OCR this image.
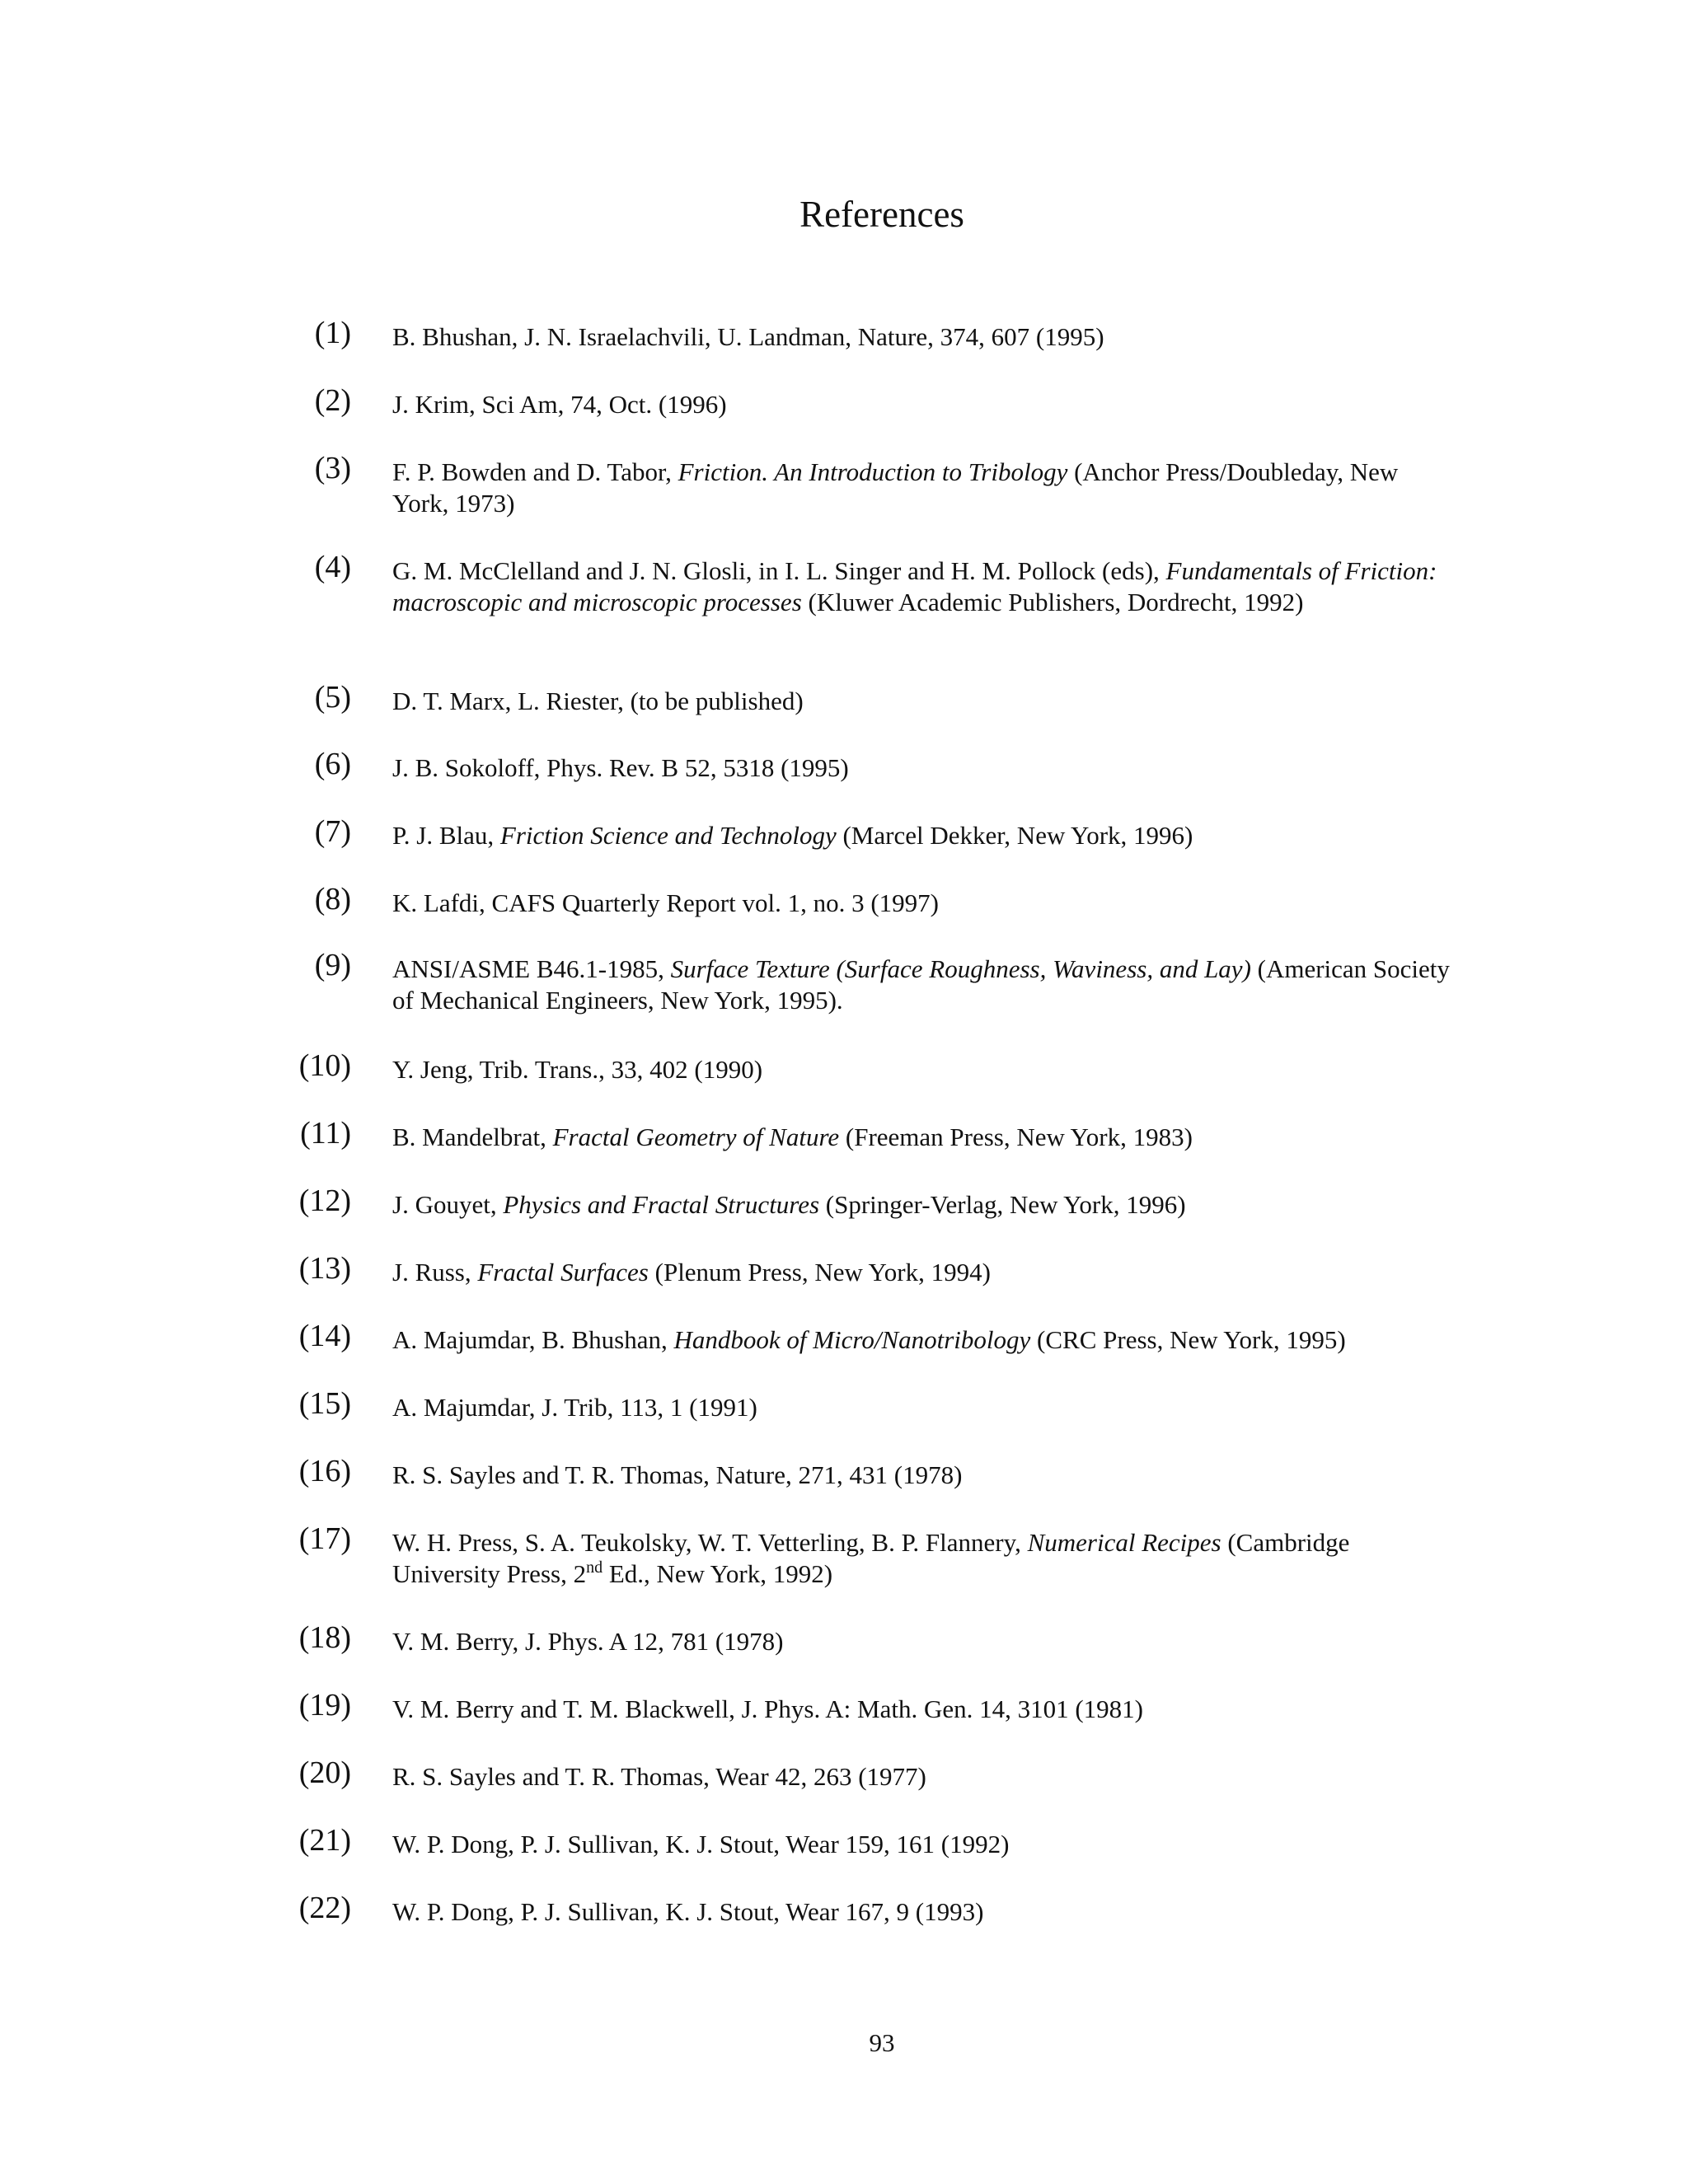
References
(1) B. Bhushan, J. N. Israelachvili, U. Landman, Nature, 374, 607 (1995)
(2) J. Krim, Sci Am, 74, Oct. (1996)
(3) F. P. Bowden and D. Tabor, Friction. An Introduction to Tribology (Anchor Press/Doubleday, New York, 1973)
(4) G. M. McClelland and J. N. Glosli, in I. L. Singer and H. M. Pollock (eds), Fundamentals of Friction: macroscopic and microscopic processes (Kluwer Academic Publishers, Dordrecht, 1992)
(5) D. T. Marx, L. Riester, (to be published)
(6) J. B. Sokoloff, Phys. Rev. B 52, 5318 (1995)
(7) P. J. Blau, Friction Science and Technology (Marcel Dekker, New York, 1996)
(8) K. Lafdi, CAFS Quarterly Report vol. 1, no. 3 (1997)
(9) ANSI/ASME B46.1-1985, Surface Texture (Surface Roughness, Waviness, and Lay) (American Society of Mechanical Engineers, New York, 1995).
(10) Y. Jeng, Trib. Trans., 33, 402 (1990)
(11) B. Mandelbrat, Fractal Geometry of Nature (Freeman Press, New York, 1983)
(12) J. Gouyet, Physics and Fractal Structures (Springer-Verlag, New York, 1996)
(13) J. Russ, Fractal Surfaces (Plenum Press, New York, 1994)
(14) A. Majumdar, B. Bhushan, Handbook of Micro/Nanotribology (CRC Press, New York, 1995)
(15) A. Majumdar, J. Trib, 113, 1 (1991)
(16) R. S. Sayles and T. R. Thomas, Nature, 271, 431 (1978)
(17) W. H. Press, S. A. Teukolsky, W. T. Vetterling, B. P. Flannery, Numerical Recipes (Cambridge University Press, 2nd Ed., New York, 1992)
(18) V. M. Berry, J. Phys. A 12, 781 (1978)
(19) V. M. Berry and T. M. Blackwell, J. Phys. A: Math. Gen. 14, 3101 (1981)
(20) R. S. Sayles and T. R. Thomas, Wear 42, 263 (1977)
(21) W. P. Dong, P. J. Sullivan, K. J. Stout, Wear 159, 161 (1992)
(22) W. P. Dong, P. J. Sullivan, K. J. Stout, Wear 167, 9 (1993)
93
